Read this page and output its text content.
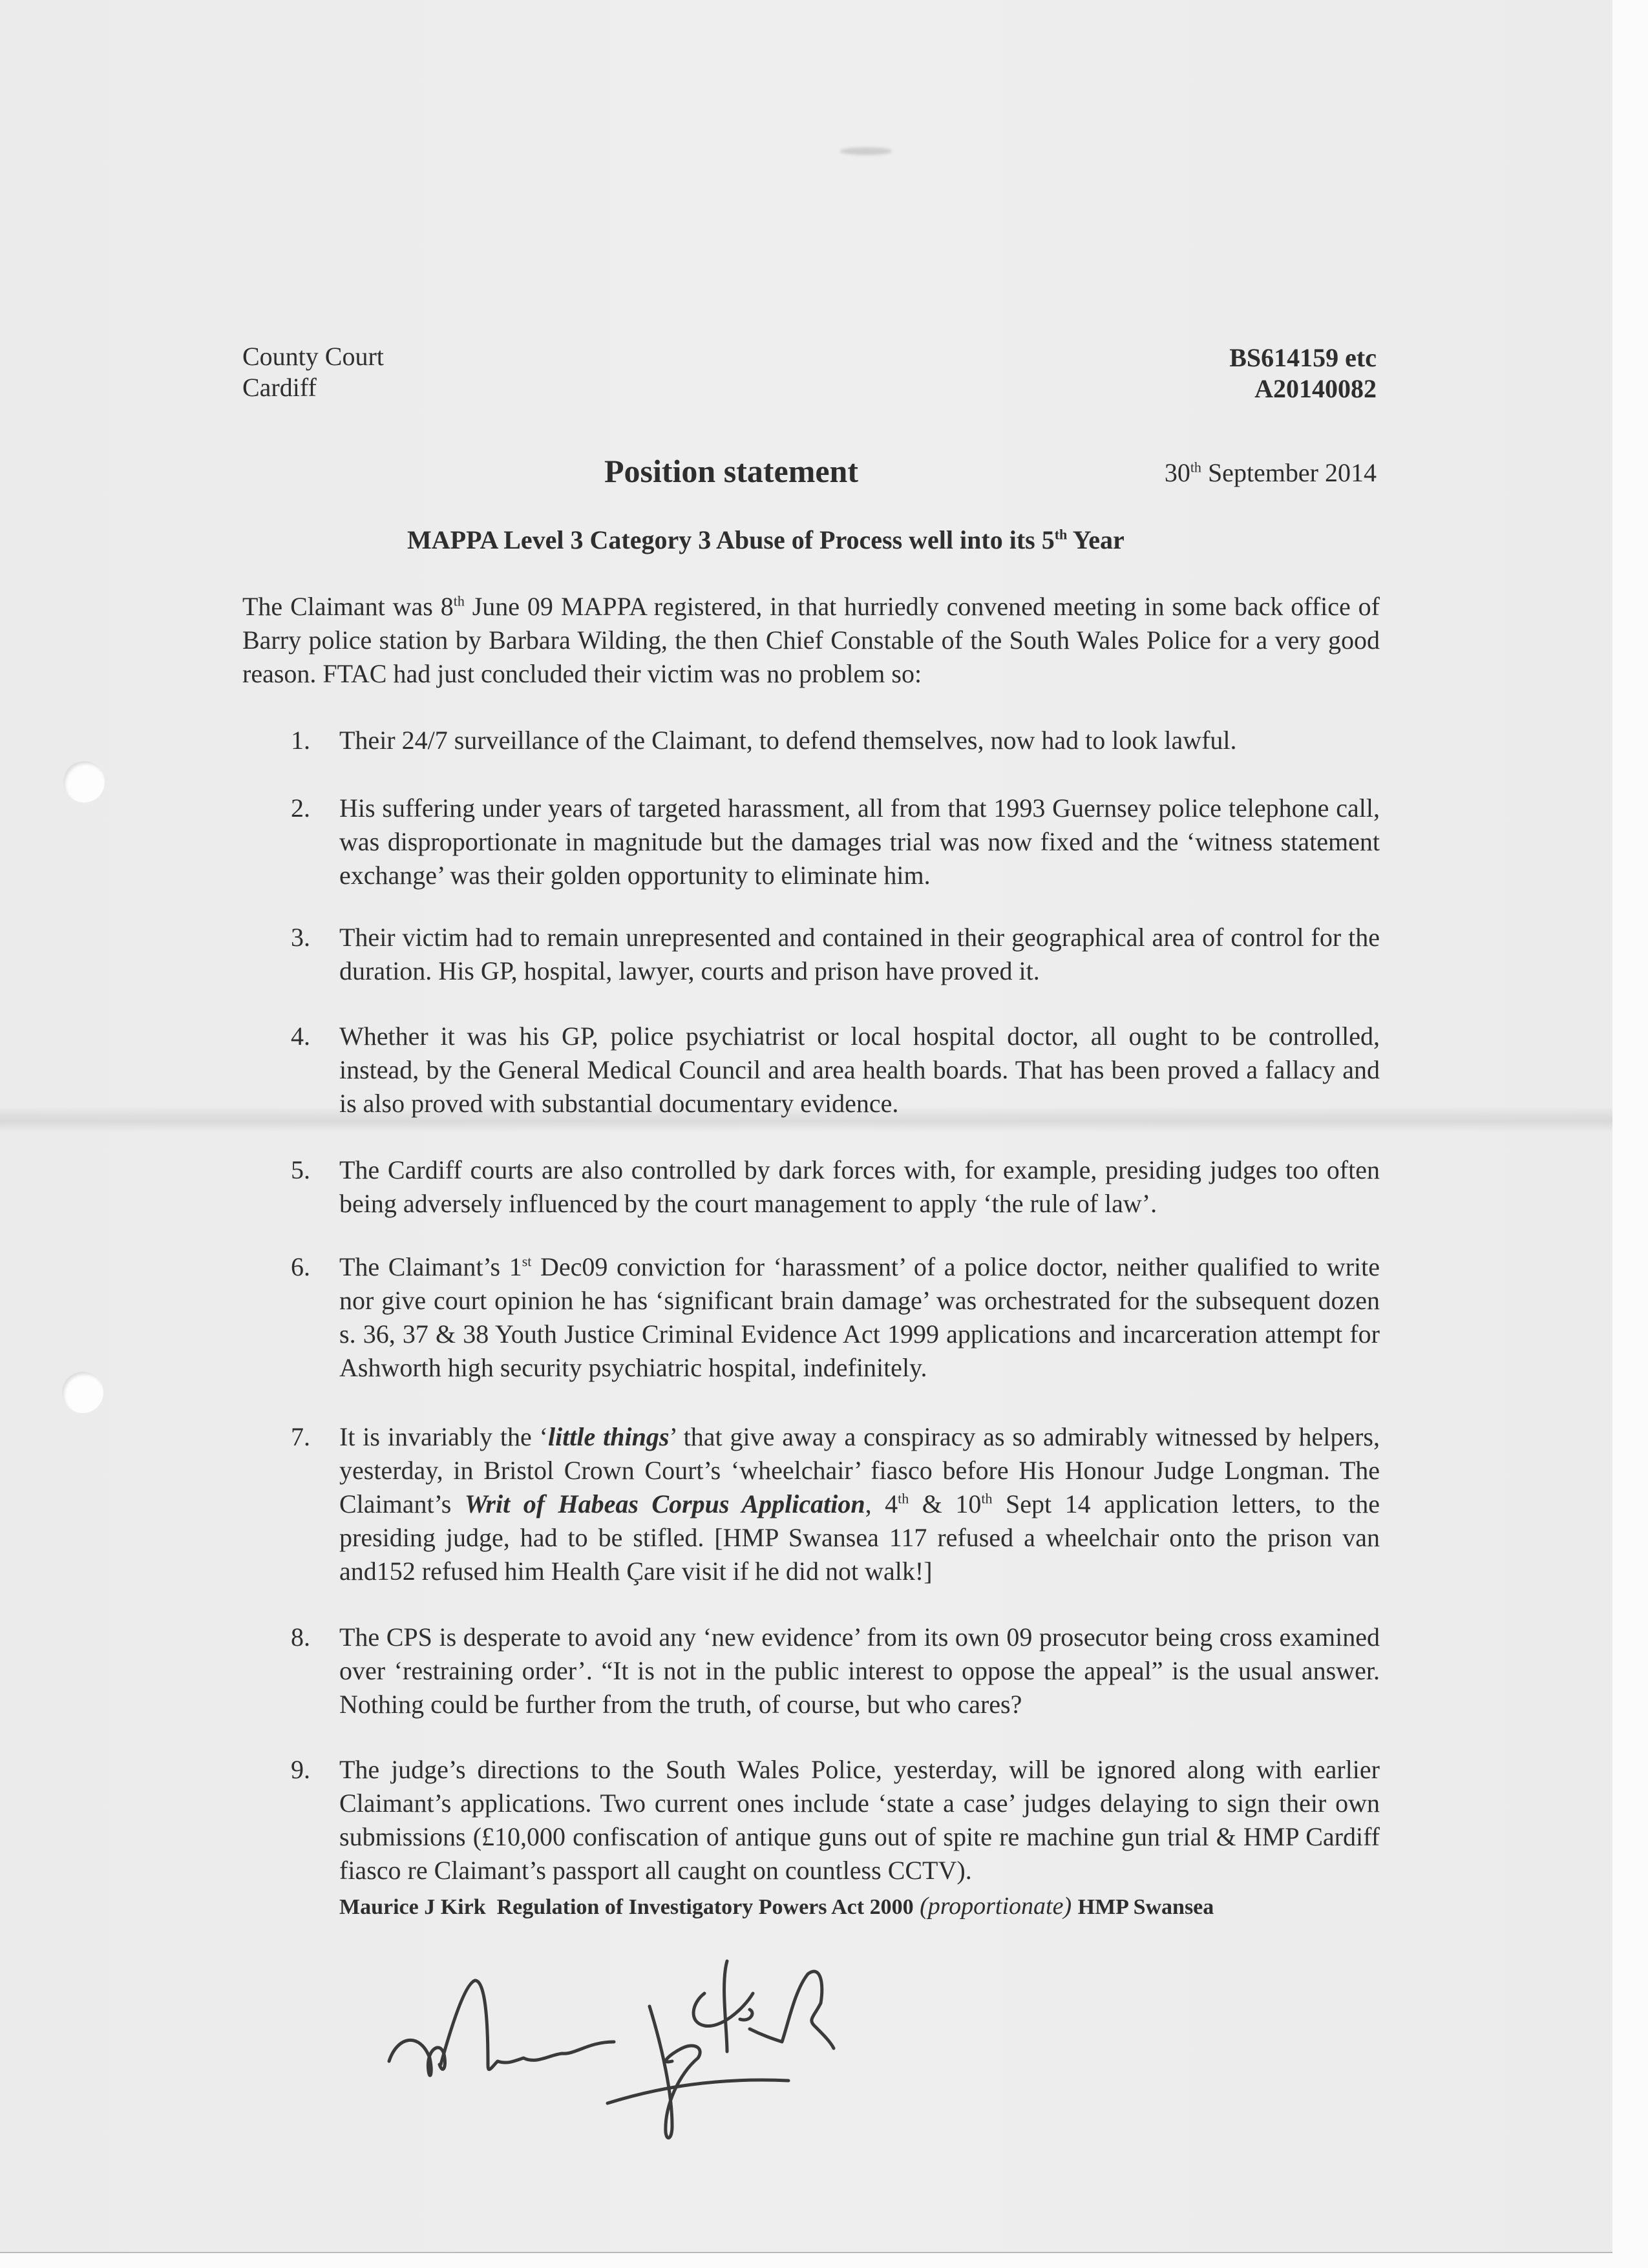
County Court
Cardiff
BS614159 etc
A20140082
Position statement	30th September 2014
MAPPA Level 3 Category 3 Abuse of Process well into its 5th Year
The Claimant was 8th June 09 MAPPA registered, in that hurriedly convened meeting in some back office of Barry police station by Barbara Wilding, the then Chief Constable of the South Wales Police for a very good reason. FTAC had just concluded their victim was no problem so:
1.	Their 24/7 surveillance of the Claimant, to defend themselves, now had to look lawful.
2.	His suffering under years of targeted harassment, all from that 1993 Guernsey police telephone call, was disproportionate in magnitude but the damages trial was now fixed and the ‘witness statement exchange’ was their golden opportunity to eliminate him.
3.	Their victim had to remain unrepresented and contained in their geographical area of control for the duration. His GP, hospital, lawyer, courts and prison have proved it.
4.	Whether it was his GP, police psychiatrist or local hospital doctor, all ought to be controlled, instead, by the General Medical Council and area health boards. That has been proved a fallacy and is also proved with substantial documentary evidence.
5.	The Cardiff courts are also controlled by dark forces with, for example, presiding judges too often being adversely influenced by the court management to apply ‘the rule of law’.
6.	The Claimant’s 1st Dec09 conviction for ‘harassment’ of a police doctor, neither qualified to write nor give court opinion he has ‘significant brain damage’ was orchestrated for the subsequent dozen s. 36, 37 & 38 Youth Justice Criminal Evidence Act 1999 applications and incarceration attempt for Ashworth high security psychiatric hospital, indefinitely.
7.	It is invariably the ‘little things’ that give away a conspiracy as so admirably witnessed by helpers, yesterday, in Bristol Crown Court’s ‘wheelchair’ fiasco before His Honour Judge Longman. The Claimant’s Writ of Habeas Corpus Application, 4th & 10th Sept 14 application letters, to the presiding judge, had to be stifled. [HMP Swansea 117 refused a wheelchair onto the prison van and152 refused him Health Çare visit if he did not walk!]
8.	The CPS is desperate to avoid any ‘new evidence’ from its own 09 prosecutor being cross examined over ‘restraining order’. “It is not in the public interest to oppose the appeal” is the usual answer. Nothing could be further from the truth, of course, but who cares?
9.	The judge’s directions to the South Wales Police, yesterday, will be ignored along with earlier Claimant’s applications. Two current ones include ‘state a case’ judges delaying to sign their own submissions (£10,000 confiscation of antique guns out of spite re machine gun trial & HMP Cardiff fiasco re Claimant’s passport all caught on countless CCTV).
Maurice J Kirk Regulation of Investigatory Powers Act 2000 (proportionate) HMP Swansea
